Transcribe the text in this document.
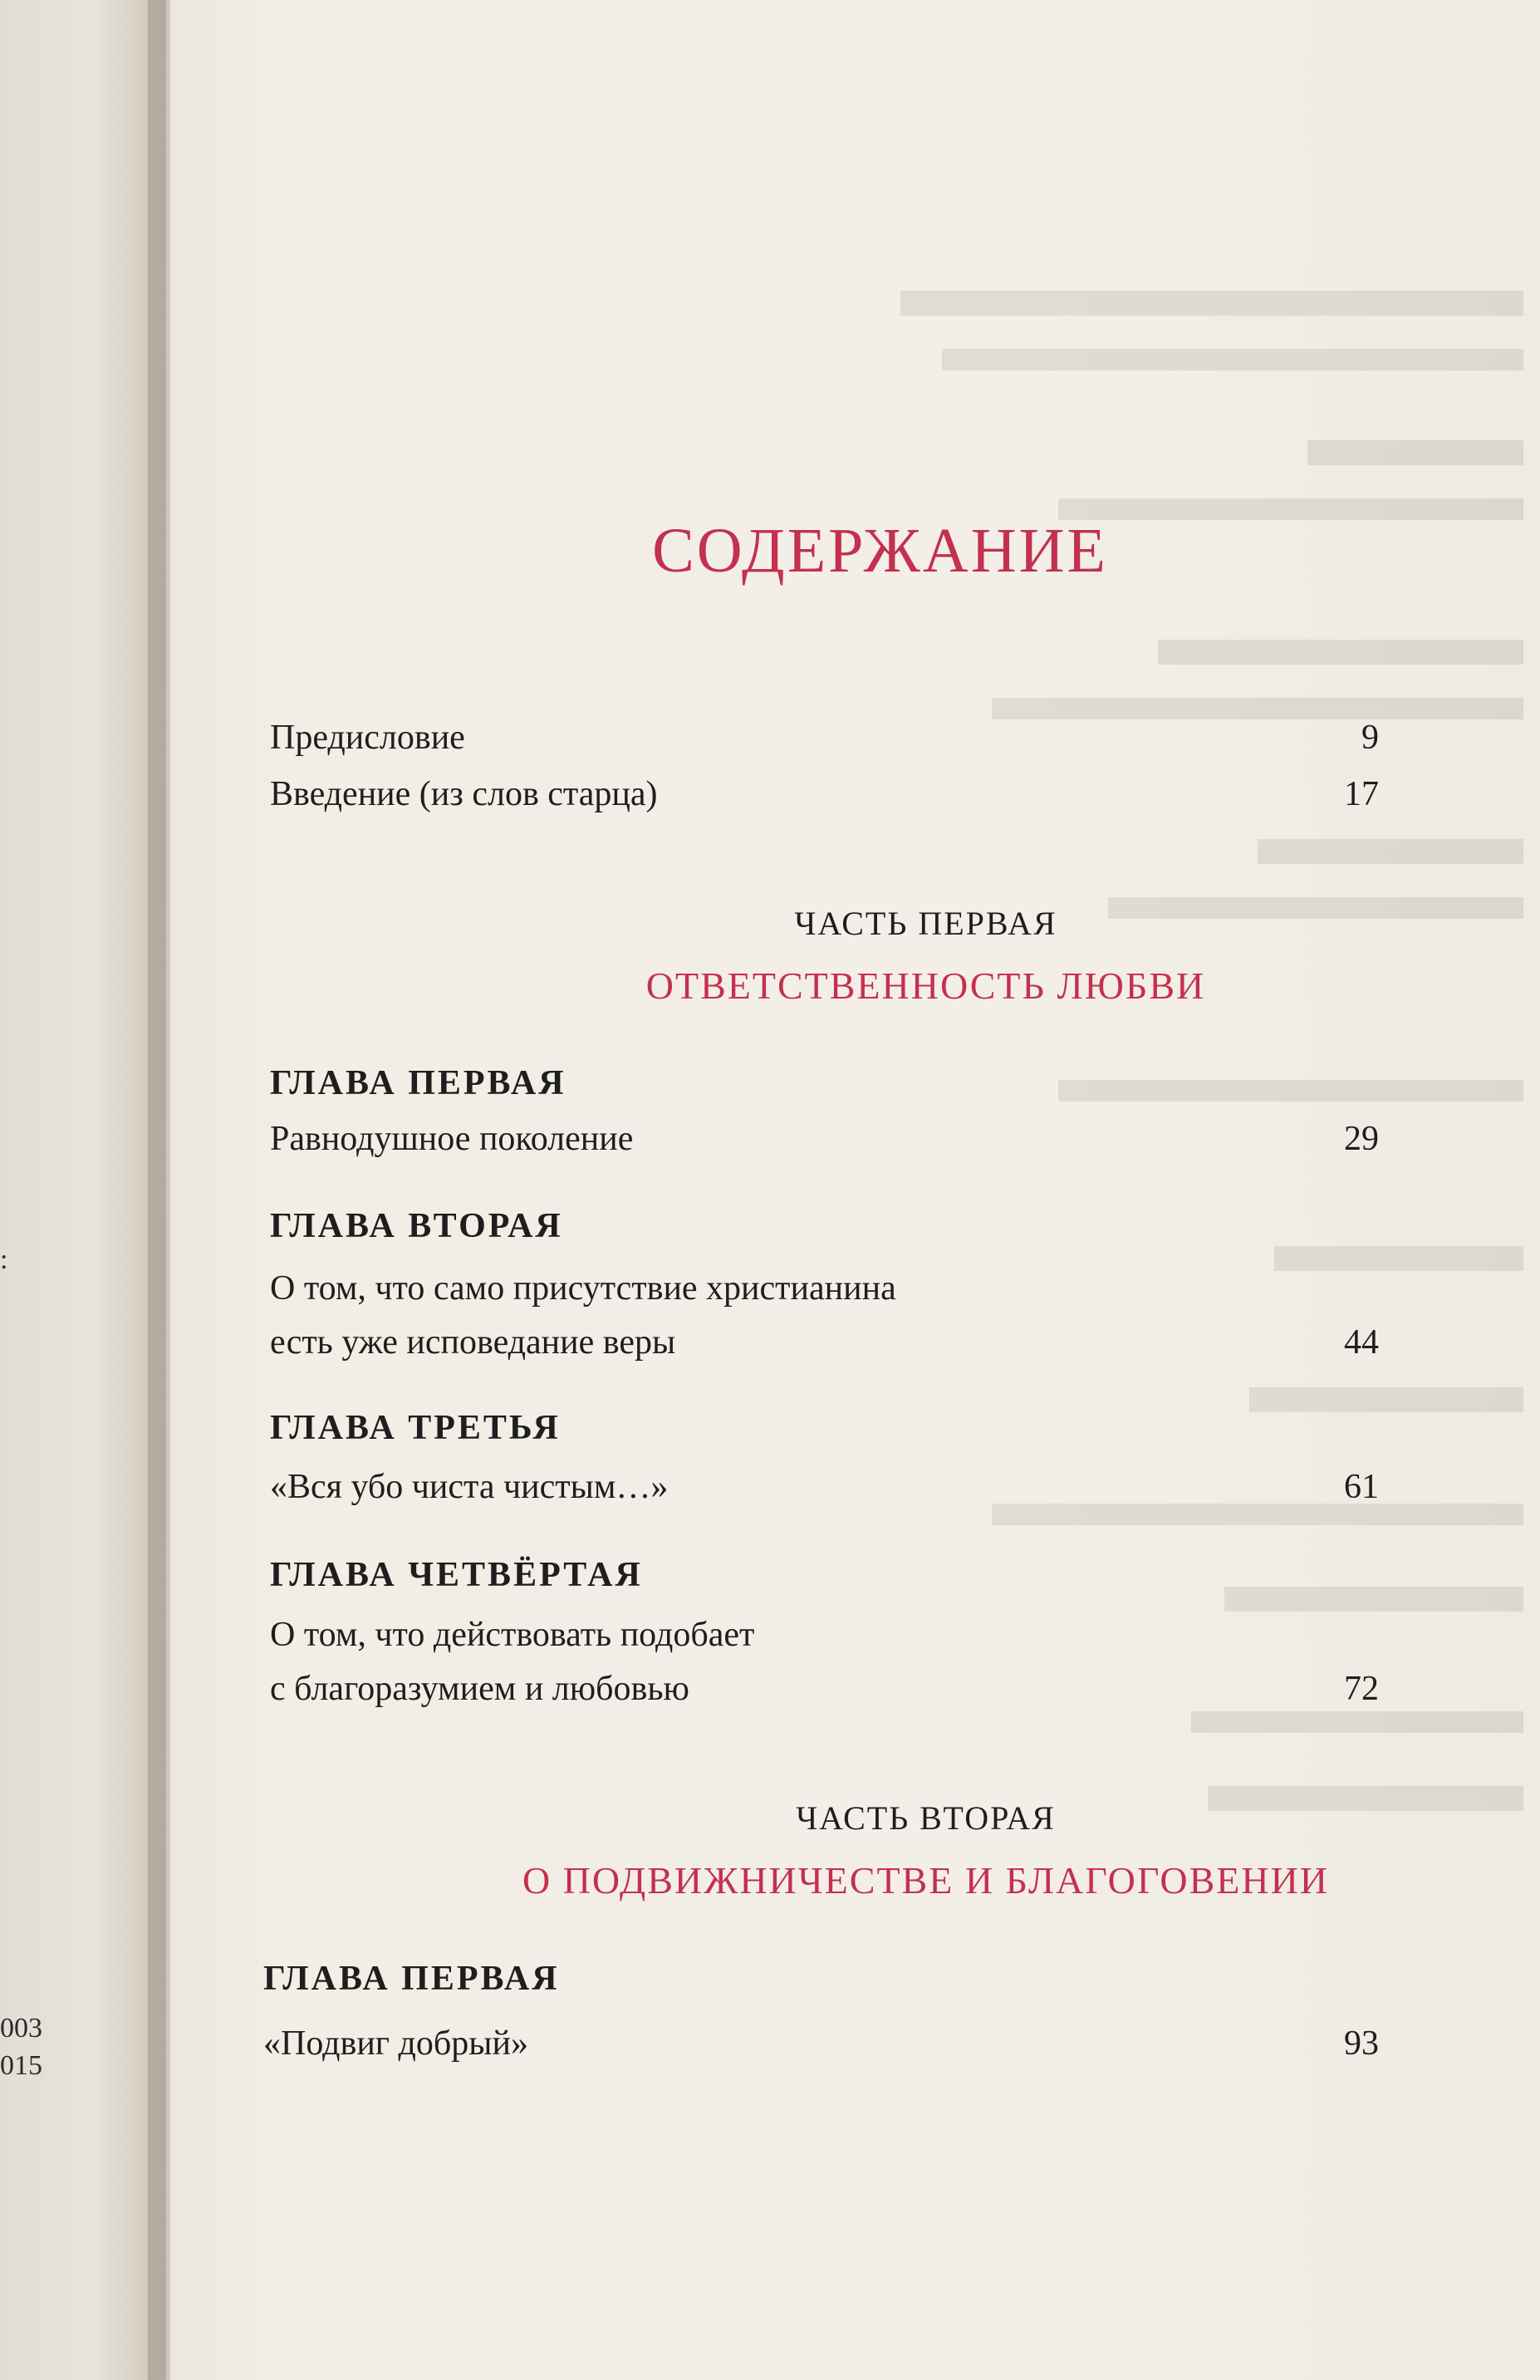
:
003
015
СОДЕРЖАНИЕ
Предисловие	9
Введение (из слов старца)	17
ЧАСТЬ ПЕРВАЯ
ОТВЕТСТВЕННОСТЬ ЛЮБВИ
ГЛАВА ПЕРВАЯ
Равнодушное поколение	29
ГЛАВА ВТОРАЯ
О том, что само присутствие христианина
есть уже исповедание веры	44
ГЛАВА ТРЕТЬЯ
«Вся убо чиста чистым…»	61
ГЛАВА ЧЕТВЁРТАЯ
О том, что действовать подобает
с благоразумием и любовью	72
ЧАСТЬ ВТОРАЯ
О ПОДВИЖНИЧЕСТВЕ И БЛАГОГОВЕНИИ
ГЛАВА ПЕРВАЯ
«Подвиг добрый»	93
